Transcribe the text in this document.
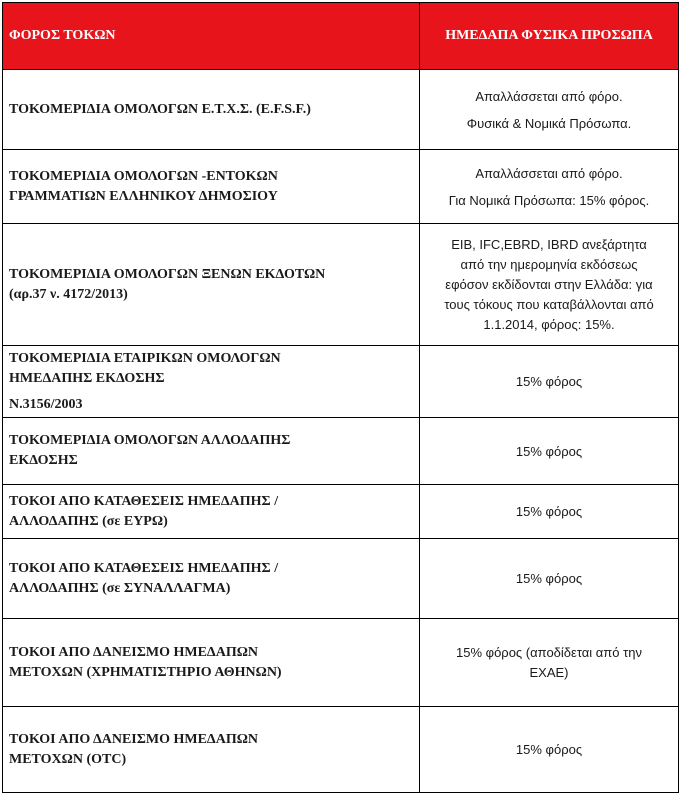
ΦΟΡΟΣ ΤΟΚΩΝ	ΗΜΕΔΑΠΑ ΦΥΣΙΚΑ ΠΡΟΣΩΠΑ

ΤΟΚΟΜΕΡΙΔΙΑ ΟΜΟΛΟΓΩΝ Ε.Τ.Χ.Σ. (E.F.S.F.)	Απαλλάσσεται από φόρο.
Φυσικά & Νομικά Πρόσωπα.

ΤΟΚΟΜΕΡΙΔΙΑ ΟΜΟΛΟΓΩΝ -ΕΝΤΟΚΩΝ
ΓΡΑΜΜΑΤΙΩΝ ΕΛΛΗΝΙΚΟΥ ΔΗΜΟΣΙΟΥ	Απαλλάσσεται από φόρο.
Για Νομικά Πρόσωπα: 15% φόρος.

ΤΟΚΟΜΕΡΙΔΙΑ ΟΜΟΛΟΓΩΝ ΞΕΝΩΝ ΕΚΔΟΤΩΝ
(αρ.37 ν. 4172/2013)	EIB, IFC,EBRD, IBRD ανεξάρτητα
από την ημερομηνία εκδόσεως
εφόσον εκδίδονται στην Ελλάδα: για
τους τόκους που καταβάλλονται από
1.1.2014, φόρος: 15%.

ΤΟΚΟΜΕΡΙΔΙΑ ΕΤΑΙΡΙΚΩΝ ΟΜΟΛΟΓΩΝ
ΗΜΕΔΑΠΗΣ ΕΚΔΟΣΗΣ
N.3156/2003	15% φόρος

ΤΟΚΟΜΕΡΙΔΙΑ ΟΜΟΛΟΓΩΝ ΑΛΛΟΔΑΠΗΣ
ΕΚΔΟΣΗΣ	15% φόρος

ΤΟΚΟΙ ΑΠΟ ΚΑΤΑΘΕΣΕΙΣ ΗΜΕΔΑΠΗΣ /
ΑΛΛΟΔΑΠΗΣ (σε ΕΥΡΩ)	15% φόρος

ΤΟΚΟΙ ΑΠΟ ΚΑΤΑΘΕΣΕΙΣ ΗΜΕΔΑΠΗΣ /
ΑΛΛΟΔΑΠΗΣ (σε ΣΥΝΑΛΛΑΓΜΑ)	15% φόρος

ΤΟΚΟΙ ΑΠΟ ΔΑΝΕΙΣΜΟ ΗΜΕΔΑΠΩΝ
ΜΕΤΟΧΩΝ (ΧΡΗΜΑΤΙΣΤΗΡΙΟ ΑΘΗΝΩΝ)	15% φόρος (αποδίδεται από την
ΕΧΑΕ)

ΤΟΚΟΙ ΑΠΟ ΔΑΝΕΙΣΜΟ ΗΜΕΔΑΠΩΝ
ΜΕΤΟΧΩΝ (OTC)	15% φόρος
